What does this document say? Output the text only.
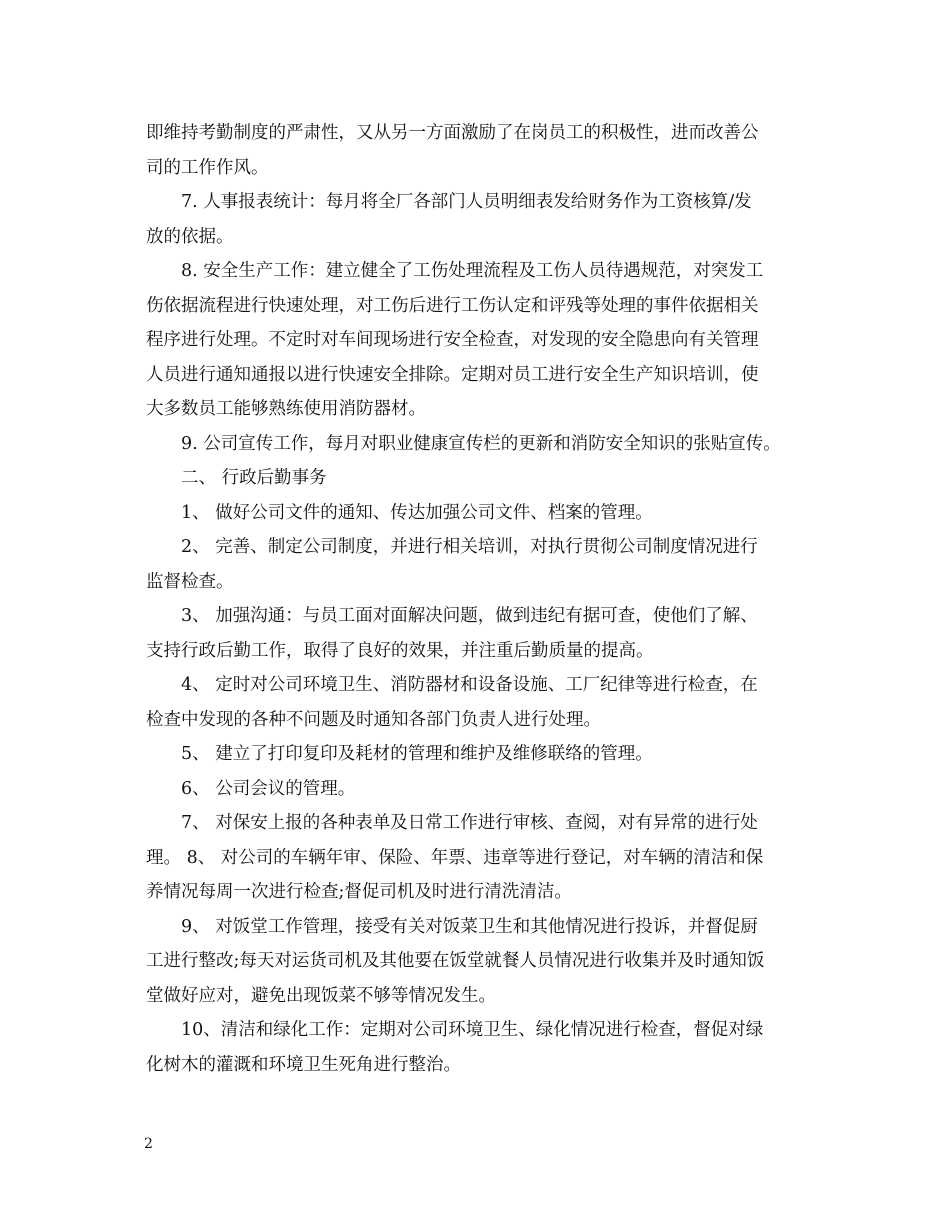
即维持考勤制度的严肃性，又从另一方面激励了在岗员工的积极性，进而改善公
司的工作作风。
7. 人事报表统计：每月将全厂各部门人员明细表发给财务作为工资核算/发
放的依据。
8. 安全生产工作：建立健全了工伤处理流程及工伤人员待遇规范，对突发工
伤依据流程进行快速处理，对工伤后进行工伤认定和评残等处理的事件依据相关
程序进行处理。不定时对车间现场进行安全检查，对发现的安全隐患向有关管理
人员进行通知通报以进行快速安全排除。定期对员工进行安全生产知识培训，使
大多数员工能够熟练使用消防器材。
9. 公司宣传工作，每月对职业健康宣传栏的更新和消防安全知识的张贴宣传。
二、 行政后勤事务
1、 做好公司文件的通知、传达加强公司文件、档案的管理。
2、 完善、制定公司制度，并进行相关培训，对执行贯彻公司制度情况进行
监督检查。
3、 加强沟通：与员工面对面解决问题，做到违纪有据可查，使他们了解、
支持行政后勤工作，取得了良好的效果，并注重后勤质量的提高。
4、 定时对公司环境卫生、消防器材和设备设施、工厂纪律等进行检查，在
检查中发现的各种不问题及时通知各部门负责人进行处理。
5、 建立了打印复印及耗材的管理和维护及维修联络的管理。
6、 公司会议的管理。
7、 对保安上报的各种表单及日常工作进行审核、查阅，对有异常的进行处
理。 8、 对公司的车辆年审、保险、年票、违章等进行登记，对车辆的清洁和保
养情况每周一次进行检查;督促司机及时进行清洗清洁。
9、 对饭堂工作管理，接受有关对饭菜卫生和其他情况进行投诉，并督促厨
工进行整改;每天对运货司机及其他要在饭堂就餐人员情况进行收集并及时通知饭
堂做好应对，避免出现饭菜不够等情况发生。
10、清洁和绿化工作：定期对公司环境卫生、绿化情况进行检查，督促对绿
化树木的灌溉和环境卫生死角进行整治。
2
